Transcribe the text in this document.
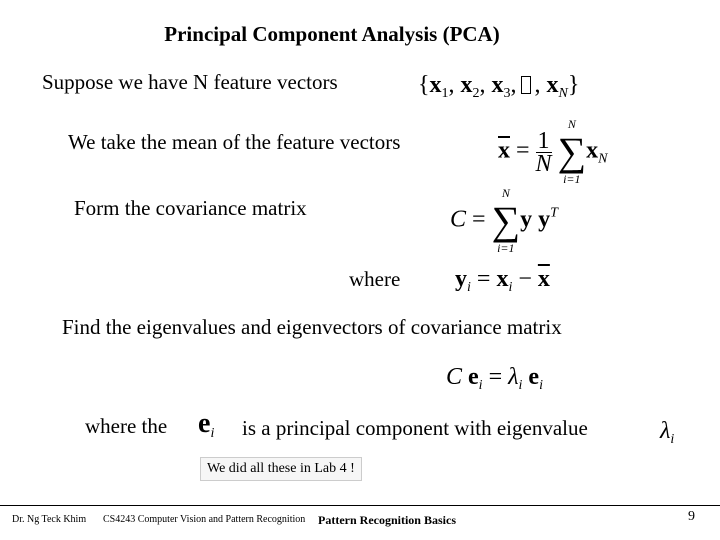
Principal Component Analysis (PCA)
Suppose we have N feature vectors	{$x_1$, $x_2$, $x_3$, , $x_N$}
We take the mean of the feature vectors	$\overline{x} = \frac{1}{N}$

N
∑
i=1
$x_N$
Form the covariance matrix	C =
N
∑
i=1
y $y^T$
where $y_i = x_i - \overline{x}$
Find the eigenvalues and eigenvectors of covariance matrix
C $e_i = \lambda_i$ $e_i$
where the $e_i$ is a principal component with eigenvalue	$\lambda_i$
We did all these in Lab 4 !
Dr. Ng Teck Khim CS4243 Computer Vision and Pattern Recognition Pattern Recognition Basics	9
